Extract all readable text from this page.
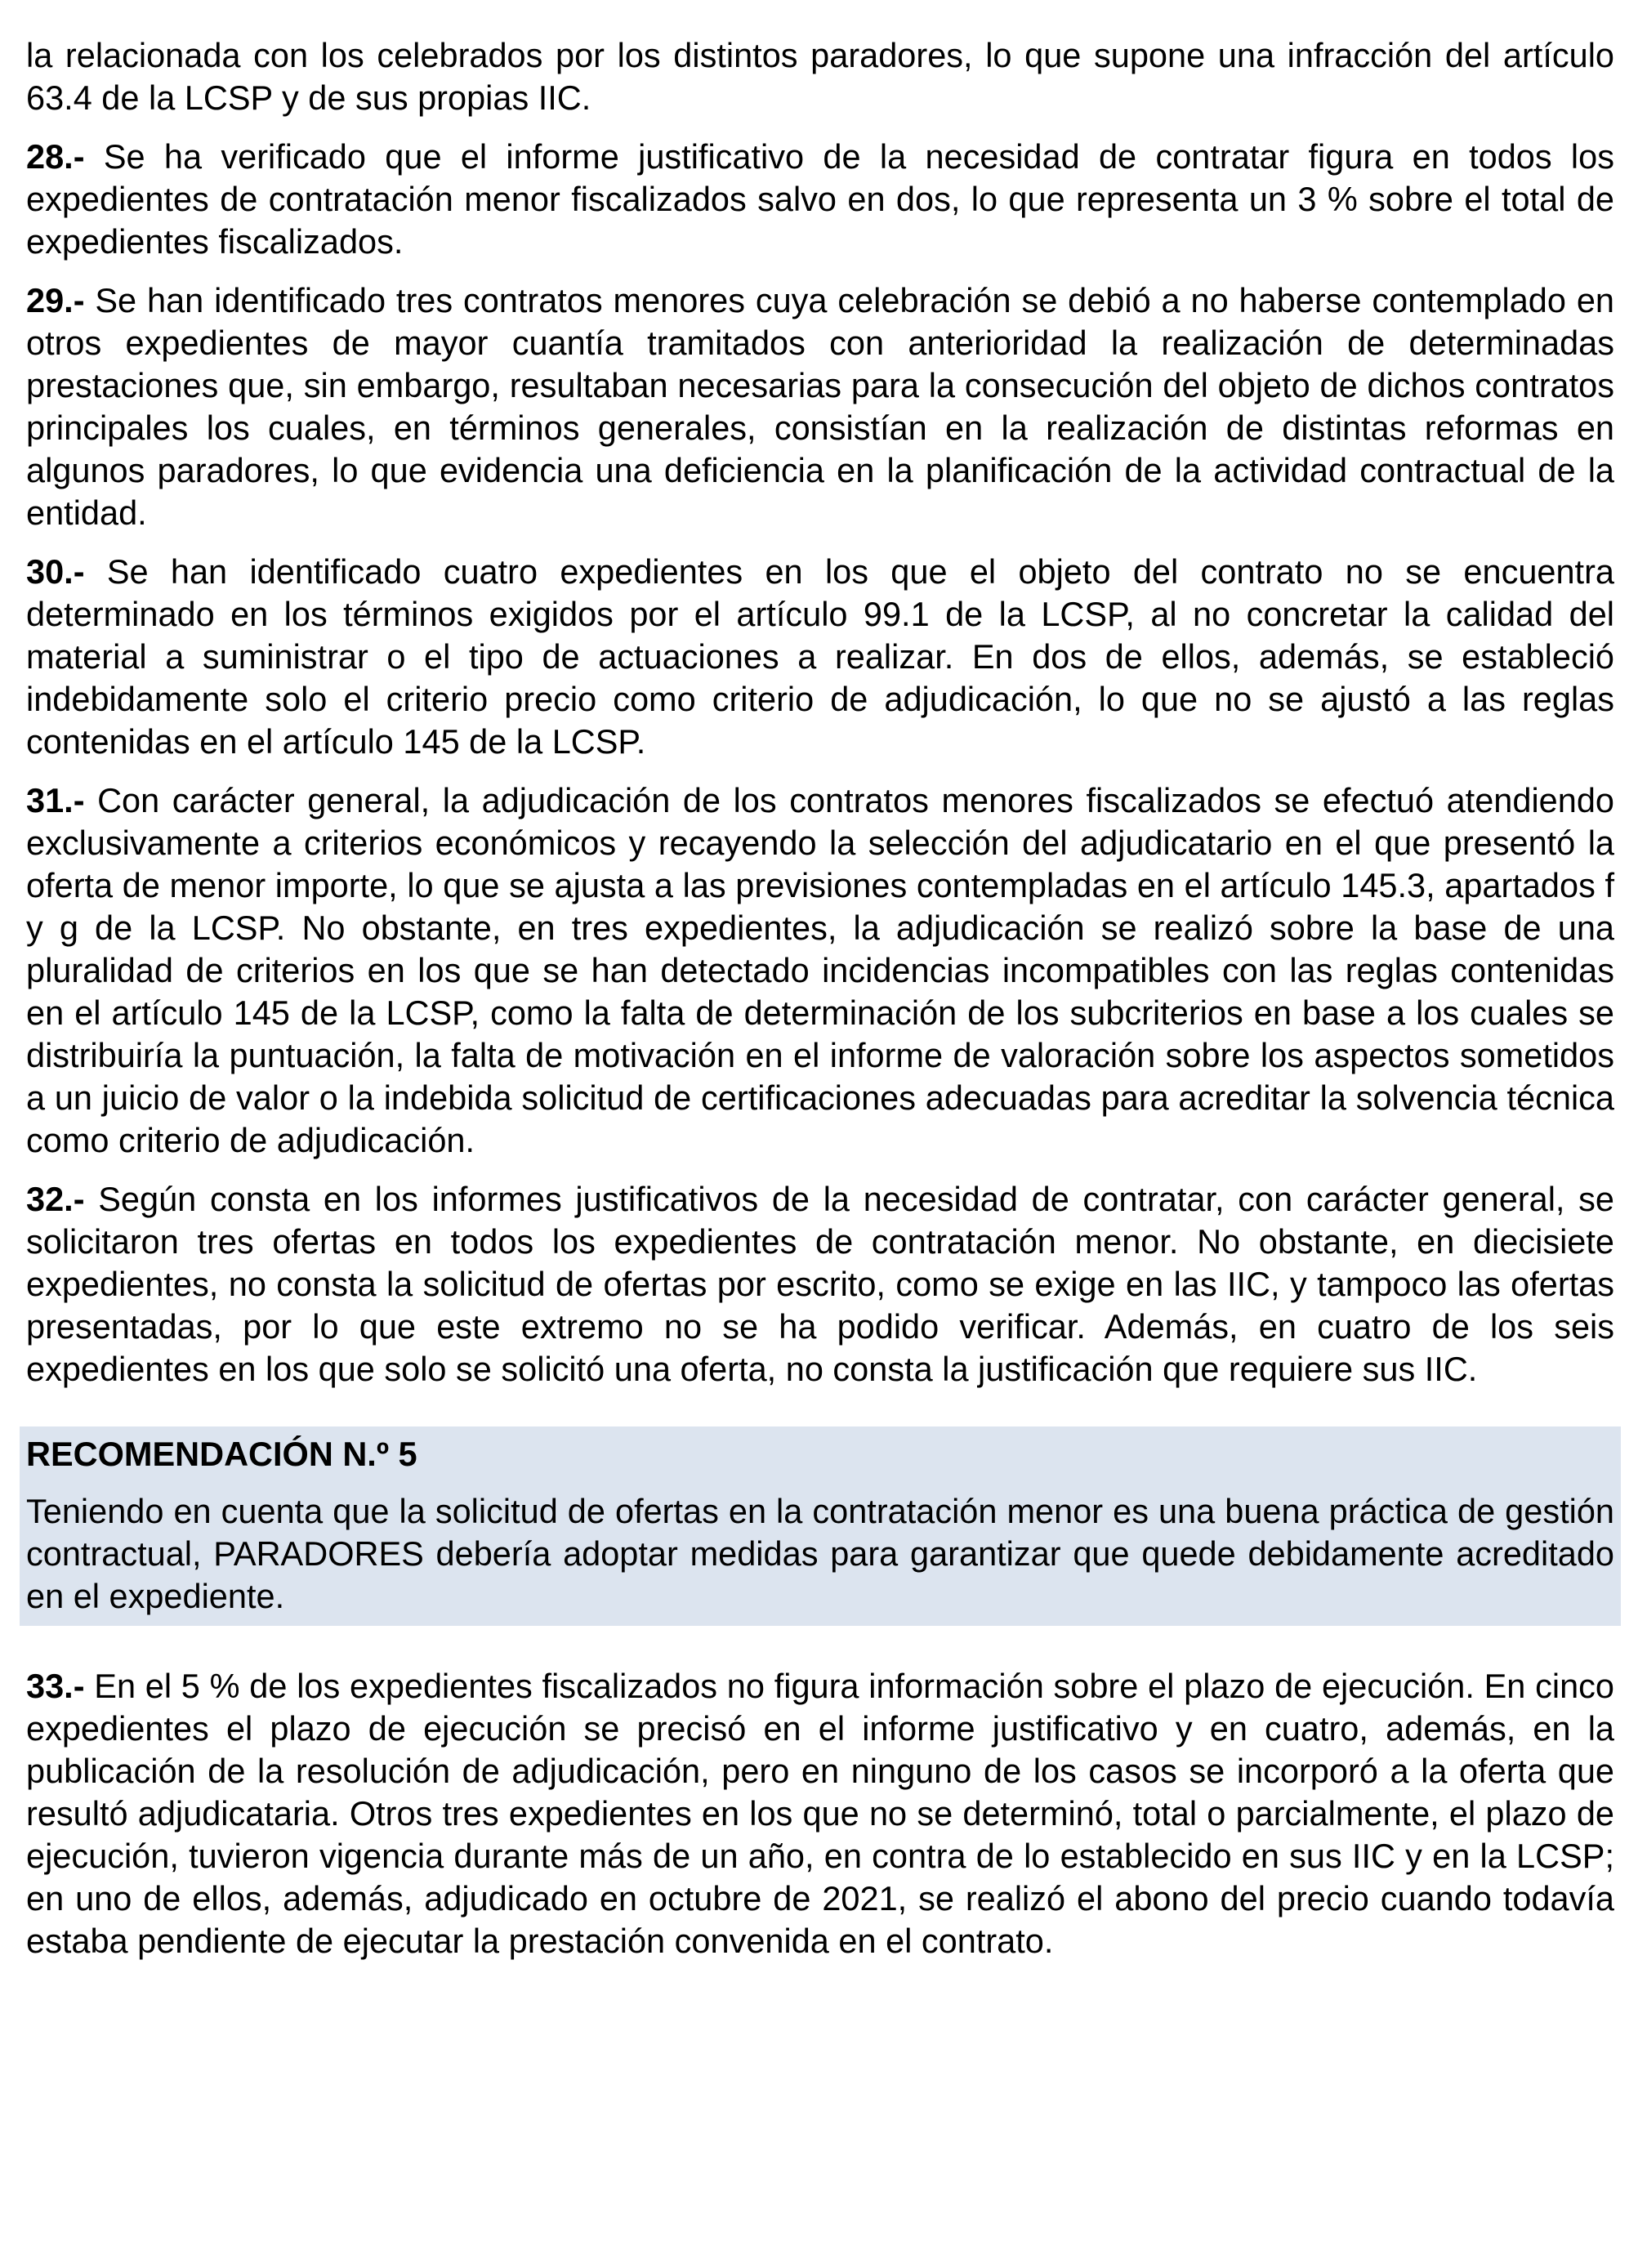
la relacionada con los celebrados por los distintos paradores, lo que supone una infracción del artículo 63.4 de la LCSP y de sus propias IIC.

28.- Se ha verificado que el informe justificativo de la necesidad de contratar figura en todos los expedientes de contratación menor fiscalizados salvo en dos, lo que representa un 3 % sobre el total de expedientes fiscalizados.

29.- Se han identificado tres contratos menores cuya celebración se debió a no haberse contemplado en otros expedientes de mayor cuantía tramitados con anterioridad la realización de determinadas prestaciones que, sin embargo, resultaban necesarias para la consecución del objeto de dichos contratos principales los cuales, en términos generales, consistían en la realización de distintas reformas en algunos paradores, lo que evidencia una deficiencia en la planificación de la actividad contractual de la entidad.

30.- Se han identificado cuatro expedientes en los que el objeto del contrato no se encuentra determinado en los términos exigidos por el artículo 99.1 de la LCSP, al no concretar la calidad del material a suministrar o el tipo de actuaciones a realizar. En dos de ellos, además, se estableció indebidamente solo el criterio precio como criterio de adjudicación, lo que no se ajustó a las reglas contenidas en el artículo 145 de la LCSP.

31.- Con carácter general, la adjudicación de los contratos menores fiscalizados se efectuó atendiendo exclusivamente a criterios económicos y recayendo la selección del adjudicatario en el que presentó la oferta de menor importe, lo que se ajusta a las previsiones contempladas en el artículo 145.3, apartados f y g de la LCSP. No obstante, en tres expedientes, la adjudicación se realizó sobre la base de una pluralidad de criterios en los que se han detectado incidencias incompatibles con las reglas contenidas en el artículo 145 de la LCSP, como la falta de determinación de los subcriterios en base a los cuales se distribuiría la puntuación, la falta de motivación en el informe de valoración sobre los aspectos sometidos a un juicio de valor o la indebida solicitud de certificaciones adecuadas para acreditar la solvencia técnica como criterio de adjudicación.

32.- Según consta en los informes justificativos de la necesidad de contratar, con carácter general, se solicitaron tres ofertas en todos los expedientes de contratación menor. No obstante, en diecisiete expedientes, no consta la solicitud de ofertas por escrito, como se exige en las IIC, y tampoco las ofertas presentadas, por lo que este extremo no se ha podido verificar. Además, en cuatro de los seis expedientes en los que solo se solicitó una oferta, no consta la justificación que requiere sus IIC.

RECOMENDACIÓN N.º 5

Teniendo en cuenta que la solicitud de ofertas en la contratación menor es una buena práctica de gestión contractual, PARADORES debería adoptar medidas para garantizar que quede debidamente acreditado en el expediente.

33.- En el 5 % de los expedientes fiscalizados no figura información sobre el plazo de ejecución. En cinco expedientes el plazo de ejecución se precisó en el informe justificativo y en cuatro, además, en la publicación de la resolución de adjudicación, pero en ninguno de los casos se incorporó a la oferta que resultó adjudicataria. Otros tres expedientes en los que no se determinó, total o parcialmente, el plazo de ejecución, tuvieron vigencia durante más de un año, en contra de lo establecido en sus IIC y en la LCSP; en uno de ellos, además, adjudicado en octubre de 2021, se realizó el abono del precio cuando todavía estaba pendiente de ejecutar la prestación convenida en el contrato.
